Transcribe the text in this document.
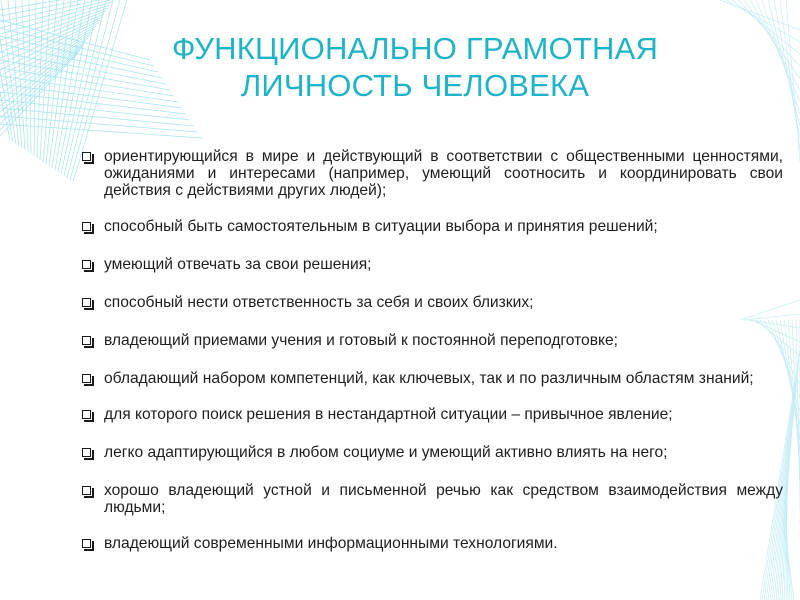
ФУНКЦИОНАЛЬНО ГРАМОТНАЯ
ЛИЧНОСТЬ ЧЕЛОВЕКА
ориентирующийся в мире и действующий в соответствии с общественными ценностями, ожиданиями и интересами (например, умеющий соотносить и координировать свои действия с действиями других людей);
способный быть самостоятельным в ситуации выбора и принятия решений;
умеющий отвечать за свои решения;
способный нести ответственность за себя и своих близких;
владеющий приемами учения и готовый к постоянной переподготовке;
обладающий набором компетенций, как ключевых, так и по различным областям знаний;
для которого поиск решения в нестандартной ситуации – привычное явление;
легко адаптирующийся в любом социуме и умеющий активно влиять на него;
хорошо владеющий устной и письменной речью как средством взаимодействия между людьми;
владеющий современными информационными технологиями.
